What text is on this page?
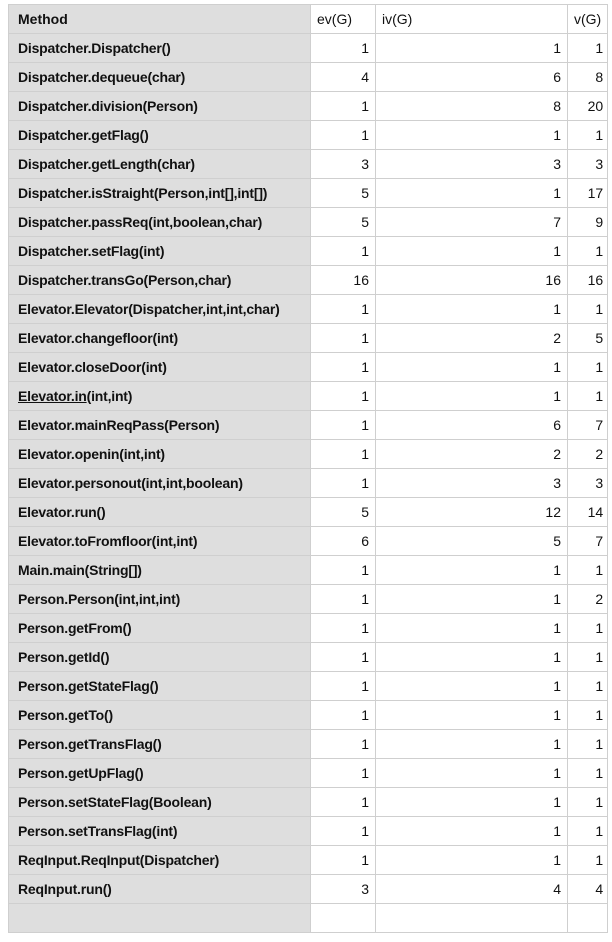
Method	ev(G)	iv(G)	v(G)
Dispatcher.Dispatcher()	1	1	1
Dispatcher.dequeue(char)	4	6	8
Dispatcher.division(Person)	1	8	20
Dispatcher.getFlag()	1	1	1
Dispatcher.getLength(char)	3	3	3
Dispatcher.isStraight(Person,int[],int[])	5	1	17
Dispatcher.passReq(int,boolean,char)	5	7	9
Dispatcher.setFlag(int)	1	1	1
Dispatcher.transGo(Person,char)	16	16	16
Elevator.Elevator(Dispatcher,int,int,char)	1	1	1
Elevator.changefloor(int)	1	2	5
Elevator.closeDoor(int)	1	1	1
Elevator.in(int,int)	1	1	1
Elevator.mainReqPass(Person)	1	6	7
Elevator.openin(int,int)	1	2	2
Elevator.personout(int,int,boolean)	1	3	3
Elevator.run()	5	12	14
Elevator.toFromfloor(int,int)	6	5	7
Main.main(String[])	1	1	1
Person.Person(int,int,int)	1	1	2
Person.getFrom()	1	1	1
Person.getId()	1	1	1
Person.getStateFlag()	1	1	1
Person.getTo()	1	1	1
Person.getTransFlag()	1	1	1
Person.getUpFlag()	1	1	1
Person.setStateFlag(Boolean)	1	1	1
Person.setTransFlag(int)	1	1	1
ReqInput.ReqInput(Dispatcher)	1	1	1
ReqInput.run()	3	4	4
